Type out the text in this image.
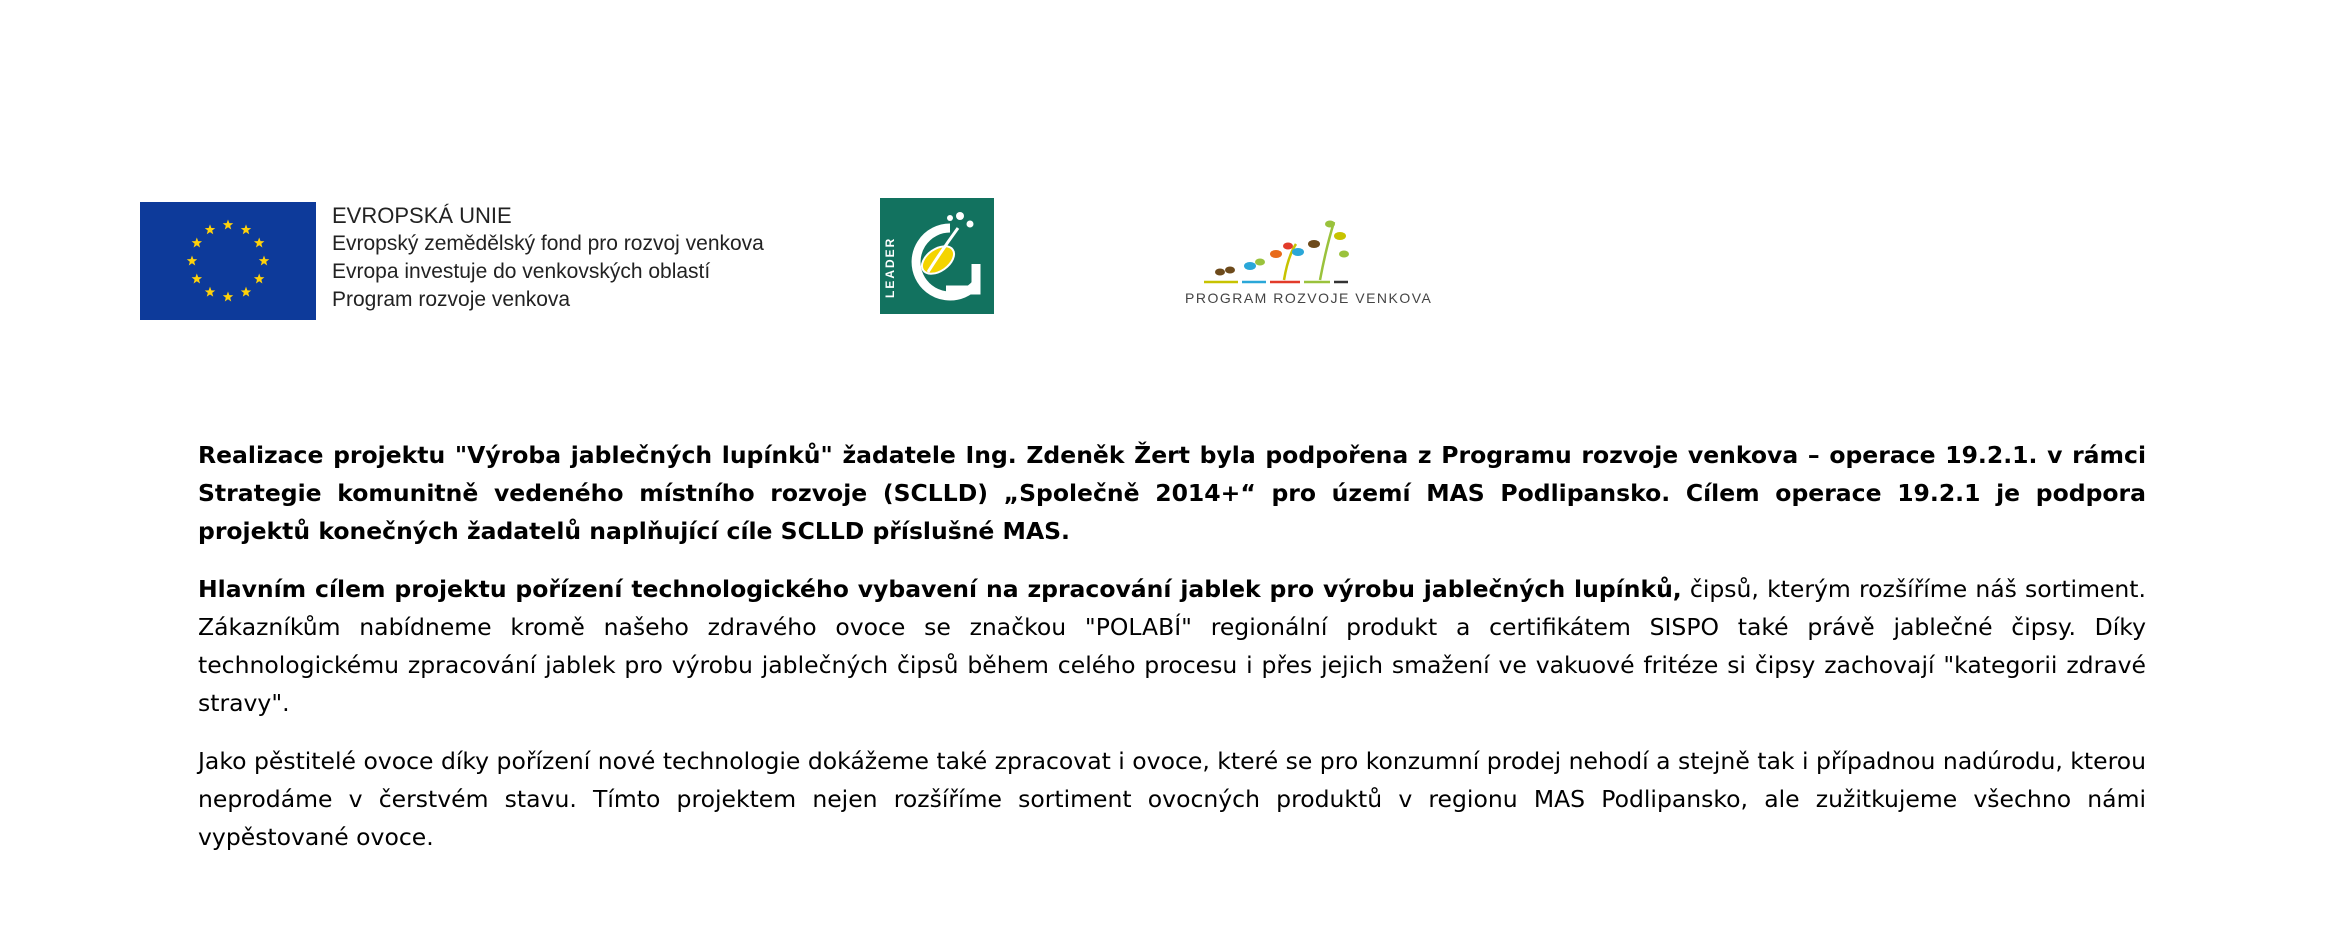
EVROPSKÁ UNIE
Evropský zemědělský fond pro rozvoj venkova
Evropa investuje do venkovských oblastí
Program rozvoje venkova
LEADER	PROGRAM ROZVOJE VENKOVA

Realizace projektu "Výroba jablečných lupínků" žadatele Ing. Zdeněk Žert byla podpořena z Programu rozvoje venkova – operace 19.2.1. v rámci Strategie komunitně vedeného místního rozvoje (SCLLD) „Společně 2014+“ pro území MAS Podlipansko. Cílem operace 19.2.1 je podpora projektů konečných žadatelů naplňující cíle SCLLD příslušné MAS.

Hlavním cílem projektu pořízení technologického vybavení na zpracování jablek pro výrobu jablečných lupínků, čipsů, kterým rozšíříme náš sortiment. Zákazníkům nabídneme kromě našeho zdravého ovoce se značkou "POLABÍ" regionální produkt a certifikátem SISPO také právě jablečné čipsy. Díky technologickému zpracování jablek pro výrobu jablečných čipsů během celého procesu i přes jejich smažení ve vakuové fritéze si čipsy zachovají "kategorii zdravé stravy".

Jako pěstitelé ovoce díky pořízení nové technologie dokážeme také zpracovat i ovoce, které se pro konzumní prodej nehodí a stejně tak i případnou nadúrodu, kterou neprodáme v čerstvém stavu. Tímto projektem nejen rozšíříme sortiment ovocných produktů v regionu MAS Podlipansko, ale zužitkujeme všechno námi vypěstované ovoce.
